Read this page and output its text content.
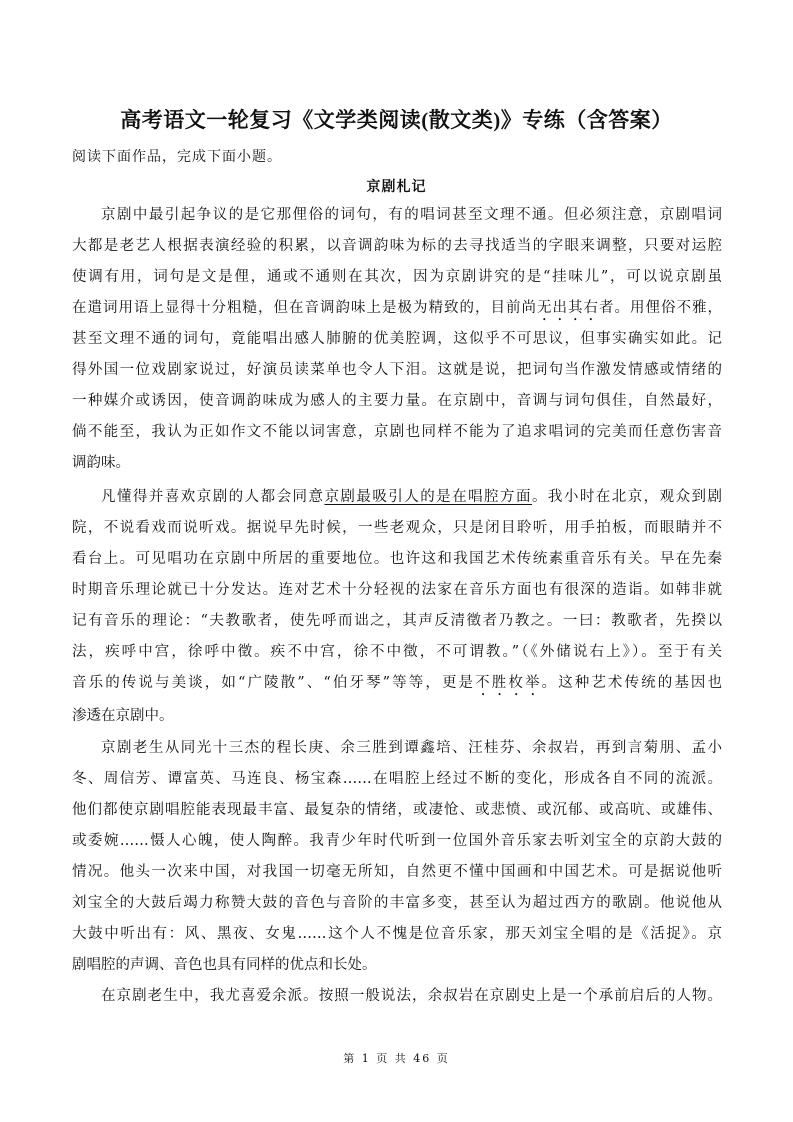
高考语文一轮复习《文学类阅读(散文类)》专练（含答案）
阅读下面作品，完成下面小题。
京剧札记
京剧中最引起争议的是它那俚俗的词句，有的唱词甚至文理不通。但必须注意，京剧唱词
大都是老艺人根据表演经验的积累，以音调韵味为标的去寻找适当的字眼来调整，只要对运腔
使调有用，词句是文是俚，通或不通则在其次，因为京剧讲究的是“挂味儿”，可以说京剧虽
在遣词用语上显得十分粗糙，但在音调韵味上是极为精致的，目前尚无出其右者。用俚俗不雅，
甚至文理不通的词句，竟能唱出感人肺腑的优美腔调，这似乎不可思议，但事实确实如此。记
得外国一位戏剧家说过，好演员读菜单也令人下泪。这就是说，把词句当作激发情感或情绪的
一种媒介或诱因，使音调韵味成为感人的主要力量。在京剧中，音调与词句俱佳，自然最好，
倘不能至，我认为正如作文不能以词害意，京剧也同样不能为了追求唱词的完美而任意伤害音
调韵味。
凡懂得并喜欢京剧的人都会同意京剧最吸引人的是在唱腔方面。我小时在北京，观众到剧
院，不说看戏而说听戏。据说早先时候，一些老观众，只是闭目聆听，用手拍板，而眼睛并不
看台上。可见唱功在京剧中所居的重要地位。也许这和我国艺术传统素重音乐有关。早在先秦
时期音乐理论就已十分发达。连对艺术十分轻视的法家在音乐方面也有很深的造诣。如韩非就
记有音乐的理论：“夫教歌者，使先呼而诎之，其声反清徵者乃教之。一曰：教歌者，先揆以
法，疾呼中宫，徐呼中徵。疾不中宫，徐不中徵，不可谓教。”（《外储说右上》）。至于有关
音乐的传说与美谈，如“广陵散”、“伯牙琴”等等，更是不胜枚举。这种艺术传统的基因也
渗透在京剧中。
京剧老生从同光十三杰的程长庚、余三胜到谭鑫培、汪桂芬、余叔岩，再到言菊朋、孟小
冬、周信芳、谭富英、马连良、杨宝森……在唱腔上经过不断的变化，形成各自不同的流派。
他们都使京剧唱腔能表现最丰富、最复杂的情绪，或凄怆、或悲愤、或沉郁、或高吭、或雄伟、
或委婉……慑人心魄，使人陶醉。我青少年时代听到一位国外音乐家去听刘宝全的京韵大鼓的
情况。他头一次来中国，对我国一切毫无所知，自然更不懂中国画和中国艺术。可是据说他听
刘宝全的大鼓后竭力称赞大鼓的音色与音阶的丰富多变，甚至认为超过西方的歌剧。他说他从
大鼓中听出有：风、黑夜、女鬼……这个人不愧是位音乐家，那天刘宝全唱的是《活捉》。京
剧唱腔的声调、音色也具有同样的优点和长处。
在京剧老生中，我尤喜爱余派。按照一般说法，余叔岩在京剧史上是一个承前启后的人物。
第 1 页 共 46 页
